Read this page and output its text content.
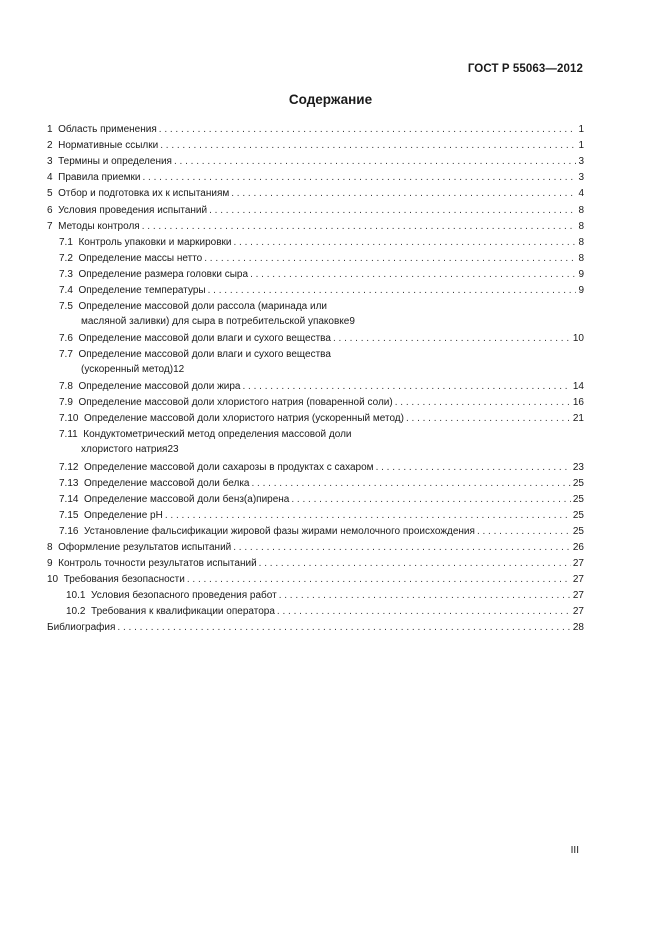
ГОСТ Р 55063—2012
Содержание
1 Область применения . . .	1
2 Нормативные ссылки . . .	1
3 Термины и определения . . .	3
4 Правила приемки . . .	3
5 Отбор и подготовка их к испытаниям . . .	4
6 Условия проведения испытаний . . .	8
7 Методы контроля . . .	8
7.1 Контроль упаковки и маркировки . . .	8
7.2 Определение массы нетто . . .	8
7.3 Определение размера головки сыра . . .	9
7.4 Определение температуры . . .	9
7.5 Определение массовой доли рассола (маринада или
масляной заливки) для сыра в потребительской упаковке 9
7.6 Определение массовой доли влаги и сухого вещества . . .	10
7.7 Определение массовой доли влаги и сухого вещества
(ускоренный метод) 12
7.8 Определение массовой доли жира . . .	14
7.9 Определение массовой доли хлористого натрия (поваренной соли) . . .	16
7.10 Определение массовой доли хлористого натрия (ускоренный метод) . . .	21
7.11 Кондуктометрический метод определения массовой доли
хлористого натрия 23
7.12 Определение массовой доли сахарозы в продуктах с сахаром . . .	23
7.13 Определение массовой доли белка . . .	25
7.14 Определение массовой доли бенз(а)пирена . . .	25
7.15 Определение pH . . .	25
7.16 Установление фальсификации жировой фазы жирами немолочного происхождения . . .	25
8 Оформление результатов испытаний . . .	26
9 Контроль точности результатов испытаний . . .	27
10 Требования безопасности . . .	27
10.1 Условия безопасного проведения работ . . .	27
10.2 Требования к квалификации оператора . . .	27
Библиография . . .	28
III
